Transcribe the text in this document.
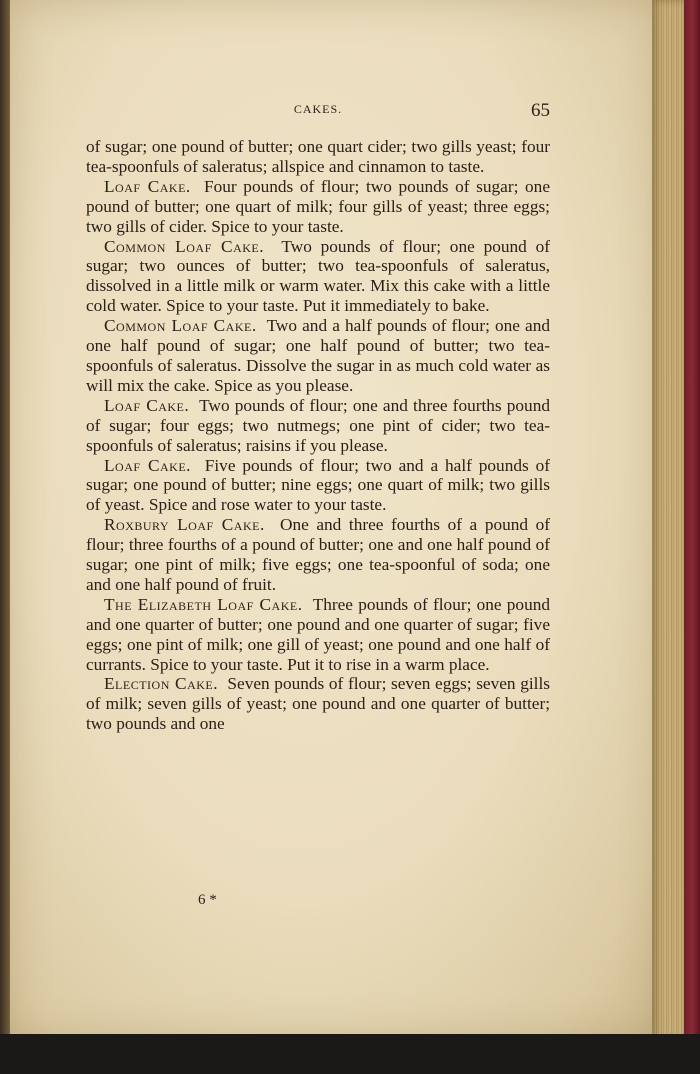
CAKES.	65

of sugar; one pound of butter; one quart cider; two gills yeast; four tea-spoonfuls of saleratus; allspice and cinnamon to taste.

Loaf Cake. Four pounds of flour; two pounds of sugar; one pound of butter; one quart of milk; four gills of yeast; three eggs; two gills of cider. Spice to your taste.

Common Loaf Cake. Two pounds of flour; one pound of sugar; two ounces of butter; two tea-spoonfuls of saleratus, dissolved in a little milk or warm water. Mix this cake with a little cold water. Spice to your taste. Put it immediately to bake.

Common Loaf Cake. Two and a half pounds of flour; one and one half pound of sugar; one half pound of butter; two tea-spoonfuls of saleratus. Dissolve the sugar in as much cold water as will mix the cake. Spice as you please.

Loaf Cake. Two pounds of flour; one and three fourths pound of sugar; four eggs; two nutmegs; one pint of cider; two tea-spoonfuls of saleratus; raisins if you please.

Loaf Cake. Five pounds of flour; two and a half pounds of sugar; one pound of butter; nine eggs; one quart of milk; two gills of yeast. Spice and rose water to your taste.

Roxbury Loaf Cake. One and three fourths of a pound of flour; three fourths of a pound of butter; one and one half pound of sugar; one pint of milk; five eggs; one tea-spoonful of soda; one and one half pound of fruit.

The Elizabeth Loaf Cake. Three pounds of flour; one pound and one quarter of butter; one pound and one quarter of sugar; five eggs; one pint of milk; one gill of yeast; one pound and one half of currants. Spice to your taste. Put it to rise in a warm place.

Election Cake. Seven pounds of flour; seven eggs; seven gills of milk; seven gills of yeast; one pound and one quarter of butter; two pounds and one

6 *
